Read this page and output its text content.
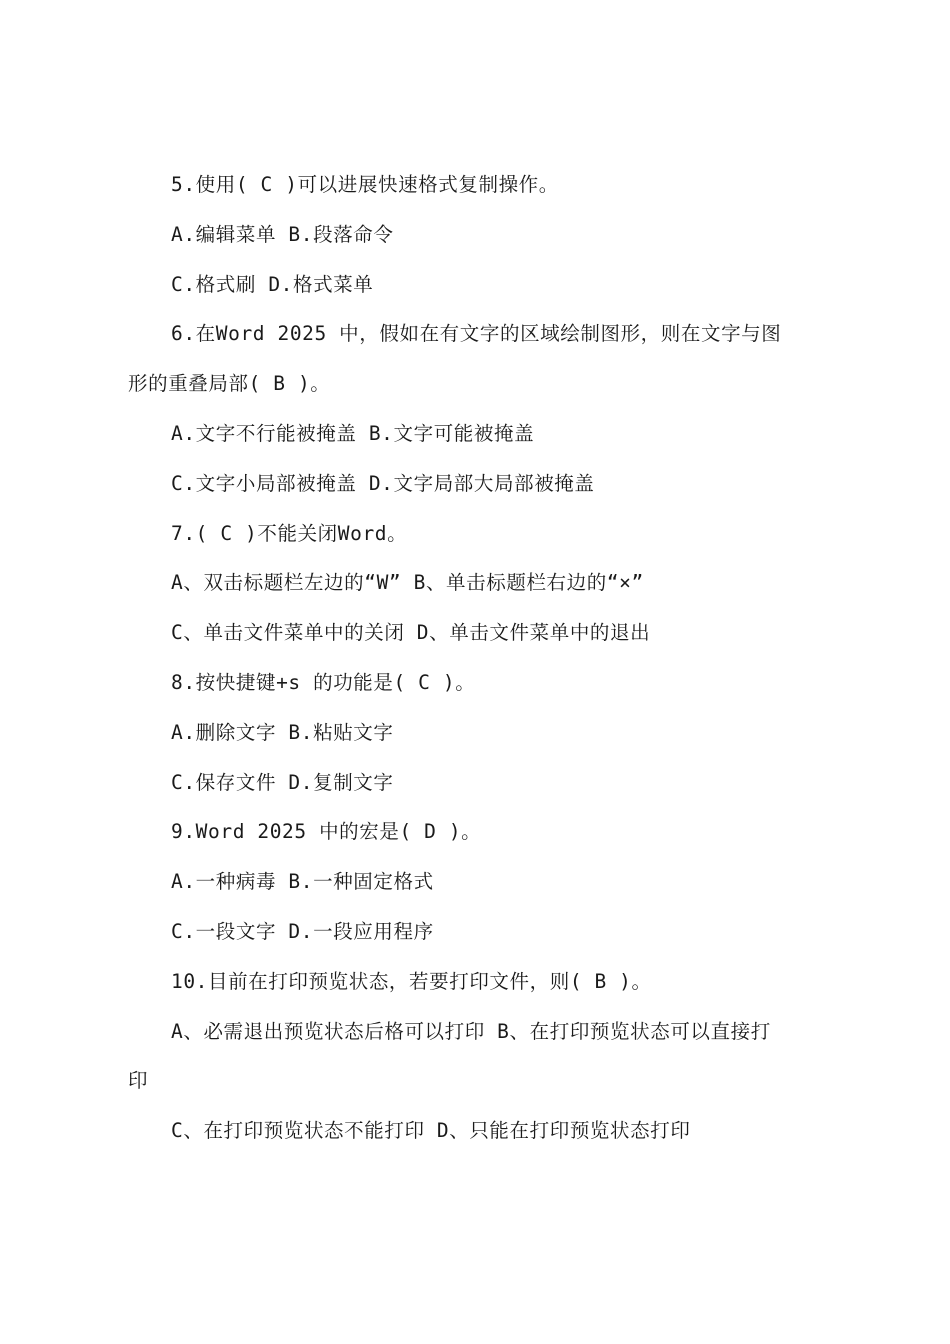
5.使用( C )可以进展快速格式复制操作。
A.编辑菜单 B.段落命令
C.格式刷 D.格式菜单
6.在Word 2025 中，假如在有文字的区域绘制图形，则在文字与图
形的重叠局部( B )。
A.文字不行能被掩盖 B.文字可能被掩盖
C.文字小局部被掩盖 D.文字局部大局部被掩盖
7.( C )不能关闭Word。
A、双击标题栏左边的“W” B、单击标题栏右边的“×”
C、单击文件菜单中的关闭 D、单击文件菜单中的退出
8.按快捷键+s 的功能是( C )。
A.删除文字 B.粘贴文字
C.保存文件 D.复制文字
9.Word 2025 中的宏是( D )。
A.一种病毒 B.一种固定格式
C.一段文字 D.一段应用程序
10.目前在打印预览状态，若要打印文件，则( B )。
A、必需退出预览状态后格可以打印 B、在打印预览状态可以直接打
印
C、在打印预览状态不能打印 D、只能在打印预览状态打印
